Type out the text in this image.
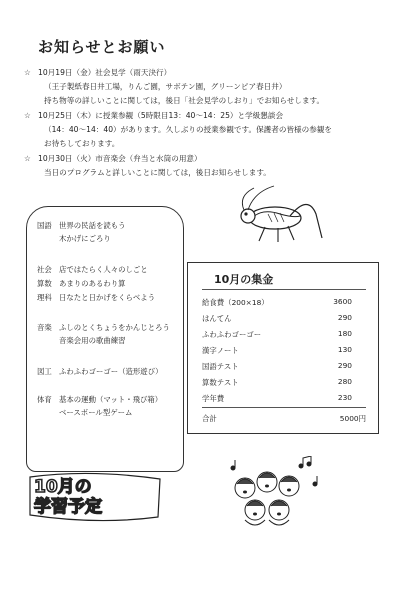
お知らせとお願い
☆ 10月19日（金）社会見学（雨天決行）
（王子製紙春日井工場，りんご園，サボテン園，グリーンピア春日井）
持ち物等の詳しいことに関しては，後日「社会見学のしおり」でお知らせします。
☆ 10月25日（木）に授業参観（5時限目13：40〜14：25）と学級懇談会
（14：40〜14：40）があります。久しぶりの授業参観です。保護者の皆様の参観を
お待ちしております。
☆ 10月30日（火）市音楽会（弁当と水筒の用意）
当日のプログラムと詳しいことに関しては，後日お知らせします。
国語 世界の民話を読もう
木かげにごろり
社会 店ではたらく人々のしごと
算数 あまりのあるわり算
理科 日なたと日かげをくらべよう
音楽 ふしのとくちょうをかんじとろう
音楽会用の歌曲練習
図工 ふわふわゴーゴー（造形遊び）
体育 基本の運動（マット・飛び箱）
ベースボール型ゲーム
10月の集金
給食費（200×18）	3600
はんてん	290
ふわふわゴーゴー	180
漢字ノート	130
国語テスト	290
算数テスト	280
学年費	230
合計	5000円
10月の
学習予定
